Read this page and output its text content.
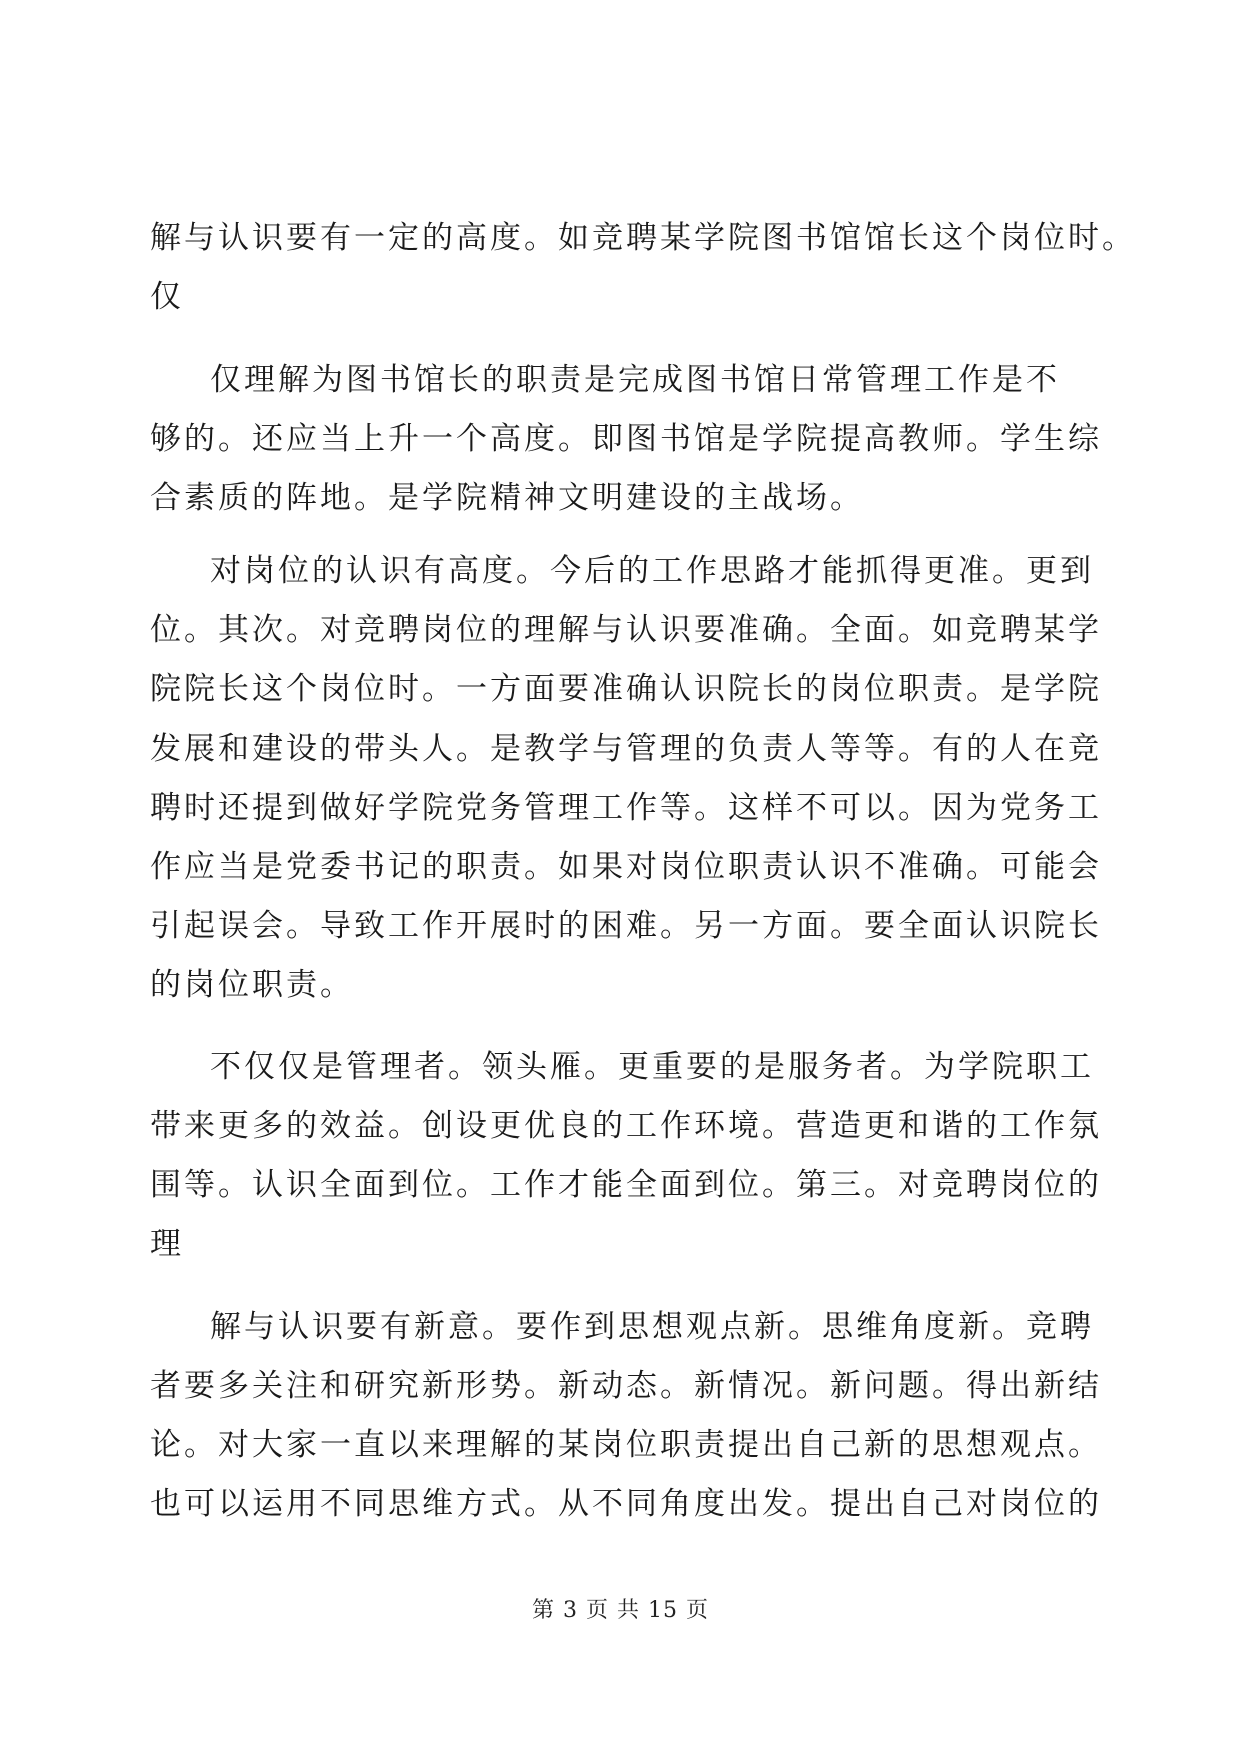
解与认识要有一定的高度。如竞聘某学院图书馆馆长这个岗位时。
仅
仅理解为图书馆长的职责是完成图书馆日常管理工作是不
够的。还应当上升一个高度。即图书馆是学院提高教师。学生综
合素质的阵地。是学院精神文明建设的主战场。
对岗位的认识有高度。今后的工作思路才能抓得更准。更到
位。其次。对竞聘岗位的理解与认识要准确。全面。如竞聘某学
院院长这个岗位时。一方面要准确认识院长的岗位职责。是学院
发展和建设的带头人。是教学与管理的负责人等等。有的人在竞
聘时还提到做好学院党务管理工作等。这样不可以。因为党务工
作应当是党委书记的职责。如果对岗位职责认识不准确。可能会
引起误会。导致工作开展时的困难。另一方面。要全面认识院长
的岗位职责。
不仅仅是管理者。领头雁。更重要的是服务者。为学院职工
带来更多的效益。创设更优良的工作环境。营造更和谐的工作氛
围等。认识全面到位。工作才能全面到位。第三。对竞聘岗位的
理
解与认识要有新意。要作到思想观点新。思维角度新。竞聘
者要多关注和研究新形势。新动态。新情况。新问题。得出新结
论。对大家一直以来理解的某岗位职责提出自己新的思想观点。
也可以运用不同思维方式。从不同角度出发。提出自己对岗位的
第 3 页 共 15 页
